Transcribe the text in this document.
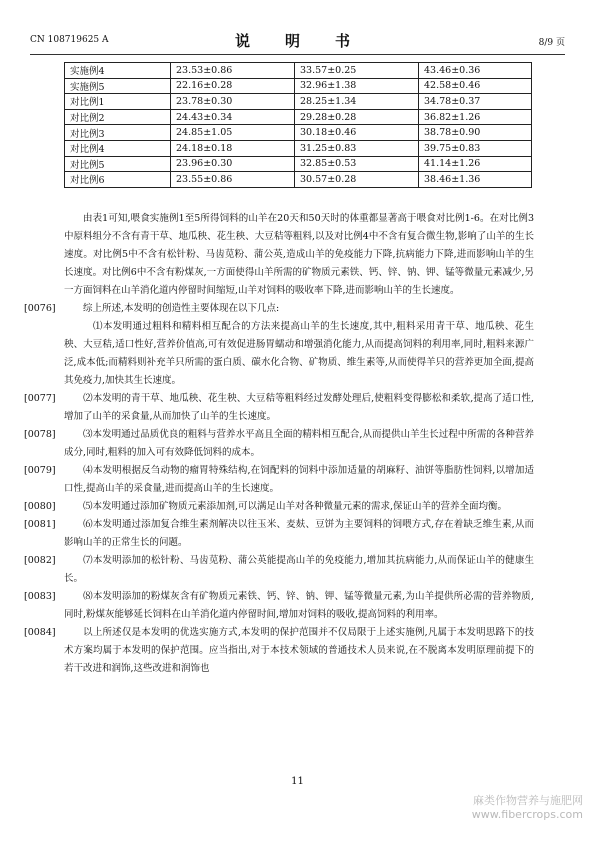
CN 108719625 A	说　明　书	8/9 页
实施例4	23.53±0.86	33.57±0.25	43.46±0.36
实施例5	22.16±0.28	32.96±1.38	42.58±0.46
对比例1	23.78±0.30	28.25±1.34	34.78±0.37
对比例2	24.43±0.34	29.28±0.28	36.82±1.26
对比例3	24.85±1.05	30.18±0.46	38.78±0.90
对比例4	24.18±0.18	31.25±0.83	39.75±0.83
对比例5	23.96±0.30	32.85±0.53	41.14±1.26
对比例6	23.55±0.86	30.57±0.28	38.46±1.36

由表1可知,喂食实施例1至5所得饲料的山羊在20天和50天时的体重都显著高于喂食对比例1-6。在对比例3中原料组分不含有青干草、地瓜秧、花生秧、大豆秸等粗料,以及对比例4中不含有复合微生物,影响了山羊的生长速度。对比例5中不含有松针粉、马齿苋粉、蒲公英,造成山羊的免疫能力下降,抗病能力下降,进而影响山羊的生长速度。对比例6中不含有粉煤灰,一方面使得山羊所需的矿物质元素铁、钙、锌、钠、钾、锰等微量元素减少,另一方面饲料在山羊消化道内停留时间缩短,山羊对饲料的吸收率下降,进而影响山羊的生长速度。

[0076]	综上所述,本发明的创造性主要体现在以下几点:

⑴本发明通过粗料和精料相互配合的方法来提高山羊的生长速度,其中,粗料采用青干草、地瓜秧、花生秧、大豆秸,适口性好,营养价值高,可有效促进肠胃蠕动和增强消化能力,从而提高饲料的利用率,同时,粗料来源广泛,成本低;而精料则补充羊只所需的蛋白质、碳水化合物、矿物质、维生素等,从而使得羊只的营养更加全面,提高其免疫力,加快其生长速度。

[0077]	⑵本发明的青干草、地瓜秧、花生秧、大豆秸等粗料经过发酵处理后,使粗料变得膨松和柔软,提高了适口性,增加了山羊的采食量,从而加快了山羊的生长速度。

[0078]	⑶本发明通过品质优良的粗料与营养水平高且全面的精料相互配合,从而提供山羊生长过程中所需的各种营养成分,同时,粗料的加入可有效降低饲料的成本。

[0079]	⑷本发明根据反刍动物的瘤胃特殊结构,在饲配料的饲料中添加适量的胡麻籽、油饼等脂肪性饲料,以增加适口性,提高山羊的采食量,进而提高山羊的生长速度。

[0080]	⑸本发明通过添加矿物质元素添加剂,可以满足山羊对各种微量元素的需求,保证山羊的营养全面均衡。

[0081]	⑹本发明通过添加复合维生素剂解决以往玉米、麦麸、豆饼为主要饲料的饲喂方式,存在着缺乏维生素,从而影响山羊的正常生长的问题。

[0082]	⑺本发明添加的松针粉、马齿苋粉、蒲公英能提高山羊的免疫能力,增加其抗病能力,从而保证山羊的健康生长。

[0083]	⑻本发明添加的粉煤灰含有矿物质元素铁、钙、锌、钠、钾、锰等微量元素,为山羊提供所必需的营养物质,同时,粉煤灰能够延长饲料在山羊消化道内停留时间,增加对饲料的吸收,提高饲料的利用率。

[0084]	以上所述仅是本发明的优选实施方式,本发明的保护范围并不仅局限于上述实施例,凡属于本发明思路下的技术方案均属于本发明的保护范围。应当指出,对于本技术领域的普通技术人员来说,在不脱离本发明原理前提下的若干改进和润饰,这些改进和润饰也

11
麻类作物营养与施肥网
www.fibercrops.com
